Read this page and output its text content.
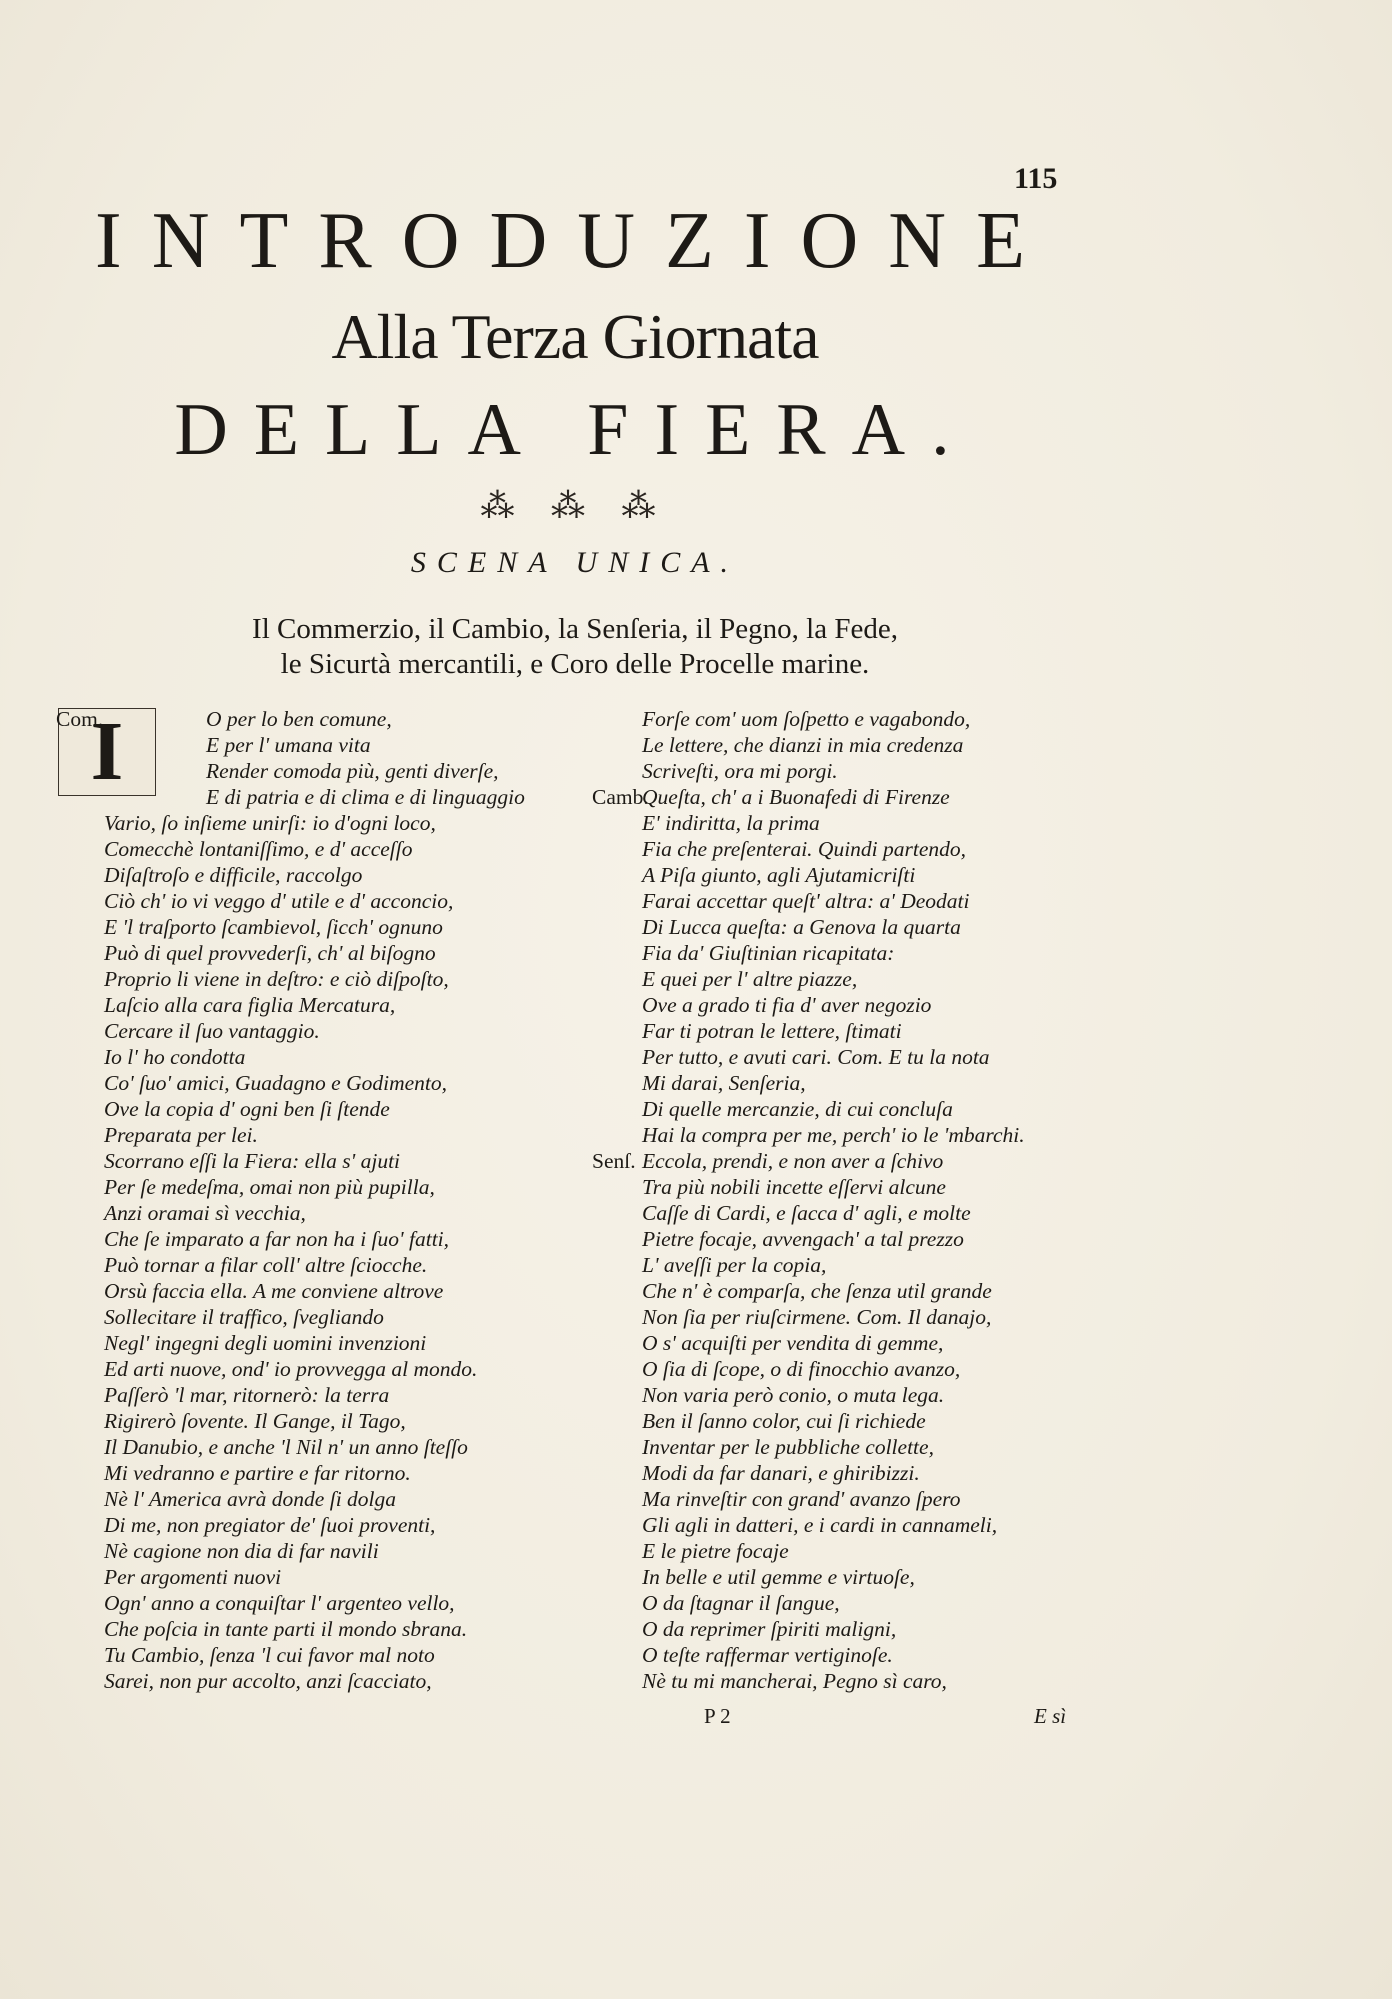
115
INTRODUZIONE
Alla Terza Giornata
DELLA FIERA.
⁂ ⁂ ⁂
SCENA UNICA.
Il Commerzio, il Cambio, la Senſeria, il Pegno, la Fede,
le Sicurtà mercantili, e Coro delle Procelle marine.
I
Com.	O per lo ben comune,
E per l' umana vita
Render comoda più, genti diverſe,
E di patria e di clima e di linguaggio
Vario, ſo inſieme unirſi: io d'ogni loco,
Comecchè lontaniſſimo, e d' acceſſo
Diſaſtroſo e difficile, raccolgo
Ciò ch' io vi veggo d' utile e d' acconcio,
E 'l traſporto ſcambievol, ſicch' ognuno
Può di quel provvederſi, ch' al biſogno
Proprio li viene in deſtro: e ciò diſpoſto,
Laſcio alla cara figlia Mercatura,
Cercare il ſuo vantaggio.
Io l' ho condotta
Co' ſuo' amici, Guadagno e Godimento,
Ove la copia d' ogni ben ſi ſtende
Preparata per lei.
Scorrano eſſi la Fiera: ella s' ajuti
Per ſe medeſma, omai non più pupilla,
Anzi oramai sì vecchia,
Che ſe imparato a far non ha i ſuo' fatti,
Può tornar a filar coll' altre ſciocche.
Orsù faccia ella. A me conviene altrove
Sollecitare il traffico, ſvegliando
Negl' ingegni degli uomini invenzioni
Ed arti nuove, ond' io provvegga al mondo.
Paſſerò 'l mar, ritornerò: la terra
Rigirerò ſovente. Il Gange, il Tago,
Il Danubio, e anche 'l Nil n' un anno ſteſſo
Mi vedranno e partire e far ritorno.
Nè l' America avrà donde ſi dolga
Di me, non pregiator de' ſuoi proventi,
Nè cagione non dia di far navili
Per argomenti nuovi
Ogn' anno a conquiſtar l' argenteo vello,
Che poſcia in tante parti il mondo sbrana.
Tu Cambio, ſenza 'l cui favor mal noto
Sarei, non pur accolto, anzi ſcacciato,
Forſe com' uom ſoſpetto e vagabondo,
Le lettere, che dianzi in mia credenza
Scriveſti, ora mi porgi.
Camb.
Queſta, ch' a i Buonafedi di Firenze
E' indiritta, la prima
Fia che preſenterai. Quindi partendo,
A Piſa giunto, agli Ajutamicriſti
Farai accettar queſt' altra: a' Deodati
Di Lucca queſta: a Genova la quarta
Fia da' Giuſtinian ricapitata:
E quei per l' altre piazze,
Ove a grado ti fia d' aver negozio
Far ti potran le lettere, ſtimati
Per tutto, e avuti cari. Com. E tu la nota
Mi darai, Senſeria,
Di quelle mercanzie, di cui concluſa
Hai la compra per me, perch' io le 'mbarchi.
Senſ. Eccola, prendi, e non aver a ſchivo
Tra più nobili incette eſſervi alcune
Caſſe di Cardi, e ſacca d' agli, e molte
Pietre focaje, avvengach' a tal prezzo
L' aveſſi per la copia,
Che n' è comparſa, che ſenza util grande
Non ſia per riuſcirmene. Com. Il danajo,
O s' acquiſti per vendita di gemme,
O ſia di ſcope, o di finocchio avanzo,
Non varia però conio, o muta lega.
Ben il ſanno color, cui ſi richiede
Inventar per le pubbliche collette,
Modi da far danari, e ghiribizzi.
Ma rinveſtir con grand' avanzo ſpero
Gli agli in datteri, e i cardi in cannameli,
E le pietre focaje
In belle e util gemme e virtuoſe,
O da ſtagnar il ſangue,
O da reprimer ſpiriti maligni,
O teſte raffermar vertiginoſe.
Nè tu mi mancherai, Pegno sì caro,
P 2	E sì
